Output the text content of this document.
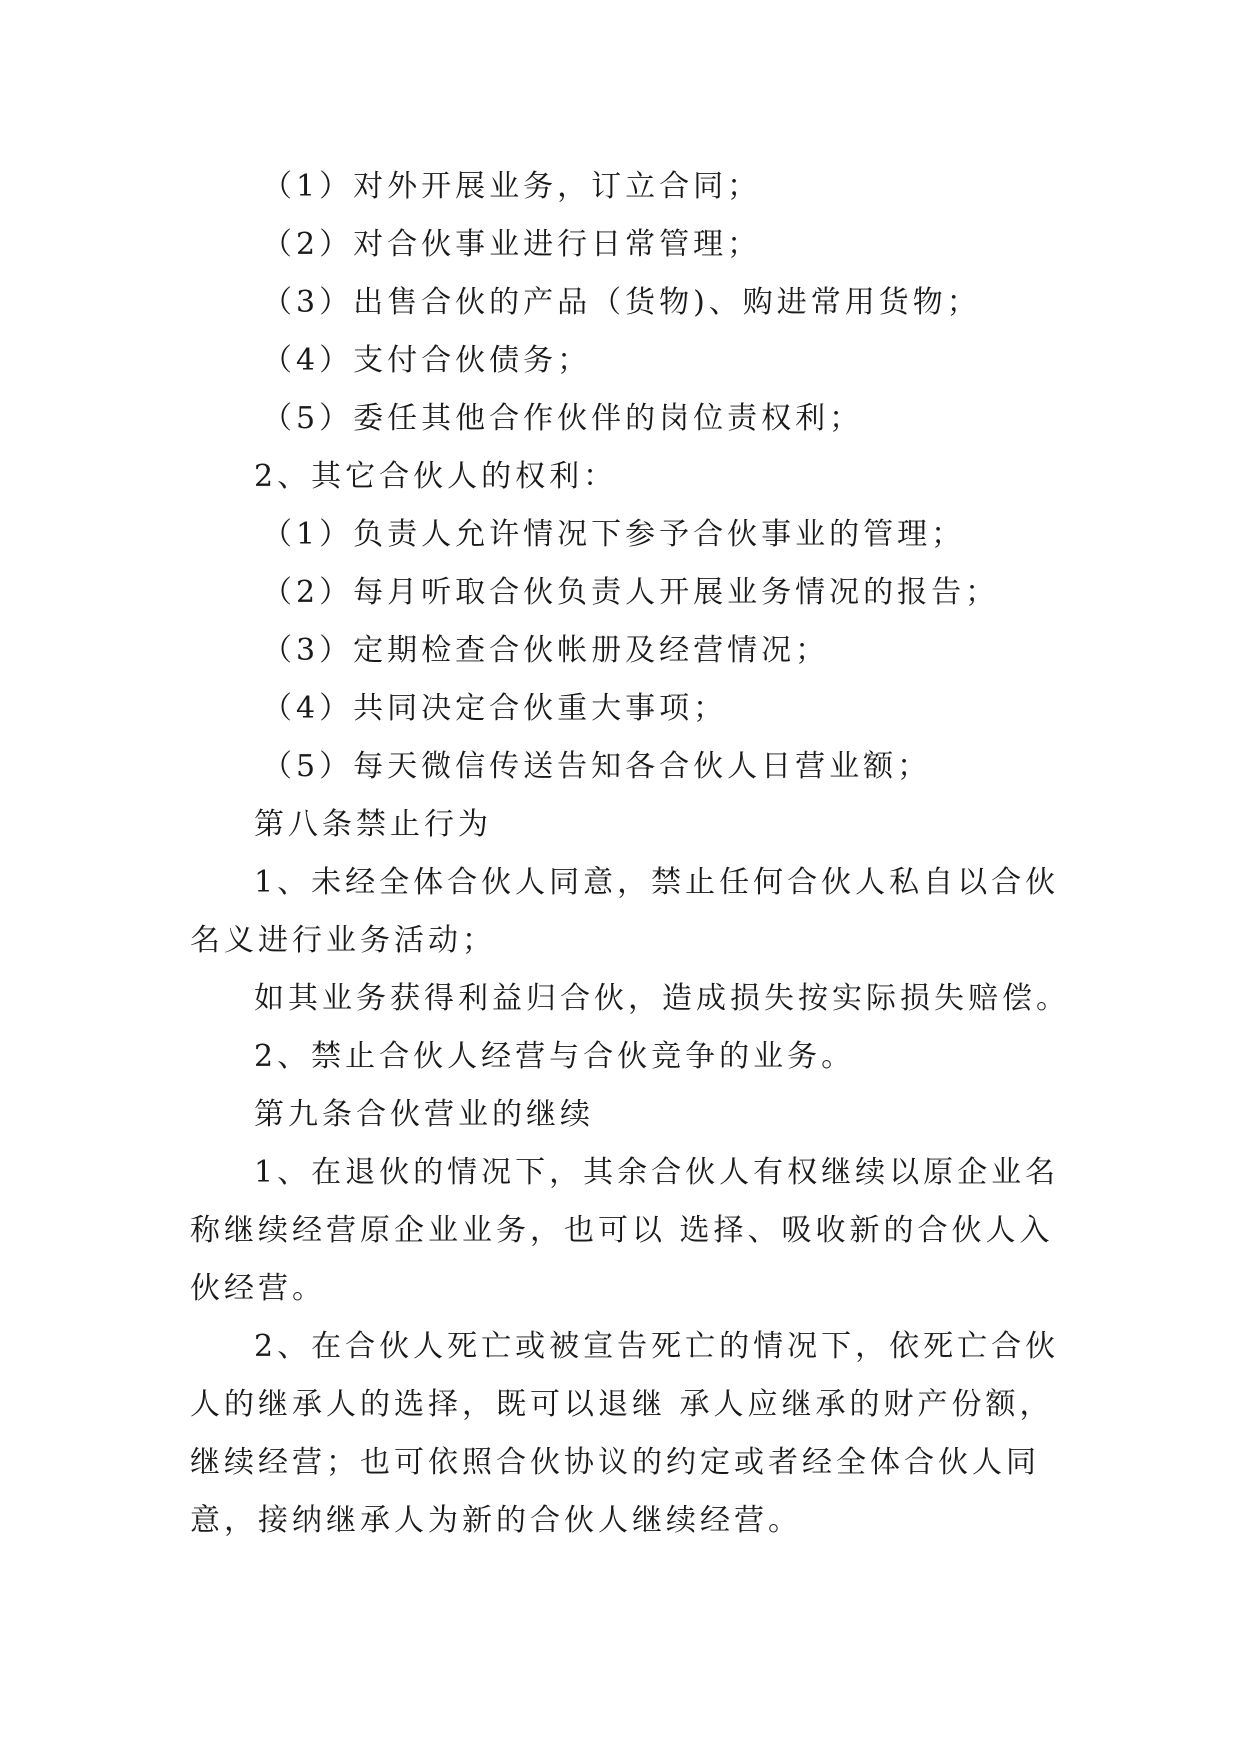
（1）对外开展业务，订立合同；

（2）对合伙事业进行日常管理；

（3）出售合伙的产品（货物)、购进常用货物；

（4）支付合伙债务；

（5）委任其他合作伙伴的岗位责权利；

2、其它合伙人的权利：

（1）负责人允许情况下参予合伙事业的管理；

（2）每月听取合伙负责人开展业务情况的报告；

（3）定期检查合伙帐册及经营情况；

（4）共同决定合伙重大事项；

（5）每天微信传送告知各合伙人日营业额；

第八条禁止行为

1、未经全体合伙人同意，禁止任何合伙人私自以合伙

名义进行业务活动；

如其业务获得利益归合伙，造成损失按实际损失赔偿。

2、禁止合伙人经营与合伙竞争的业务。

第九条合伙营业的继续

1、在退伙的情况下，其余合伙人有权继续以原企业名

称继续经营原企业业务，也可以 选择、吸收新的合伙人入

伙经营。

2、在合伙人死亡或被宣告死亡的情况下，依死亡合伙

人的继承人的选择，既可以退继 承人应继承的财产份额，

继续经营；也可依照合伙协议的约定或者经全体合伙人同

意，接纳继承人为新的合伙人继续经营。
